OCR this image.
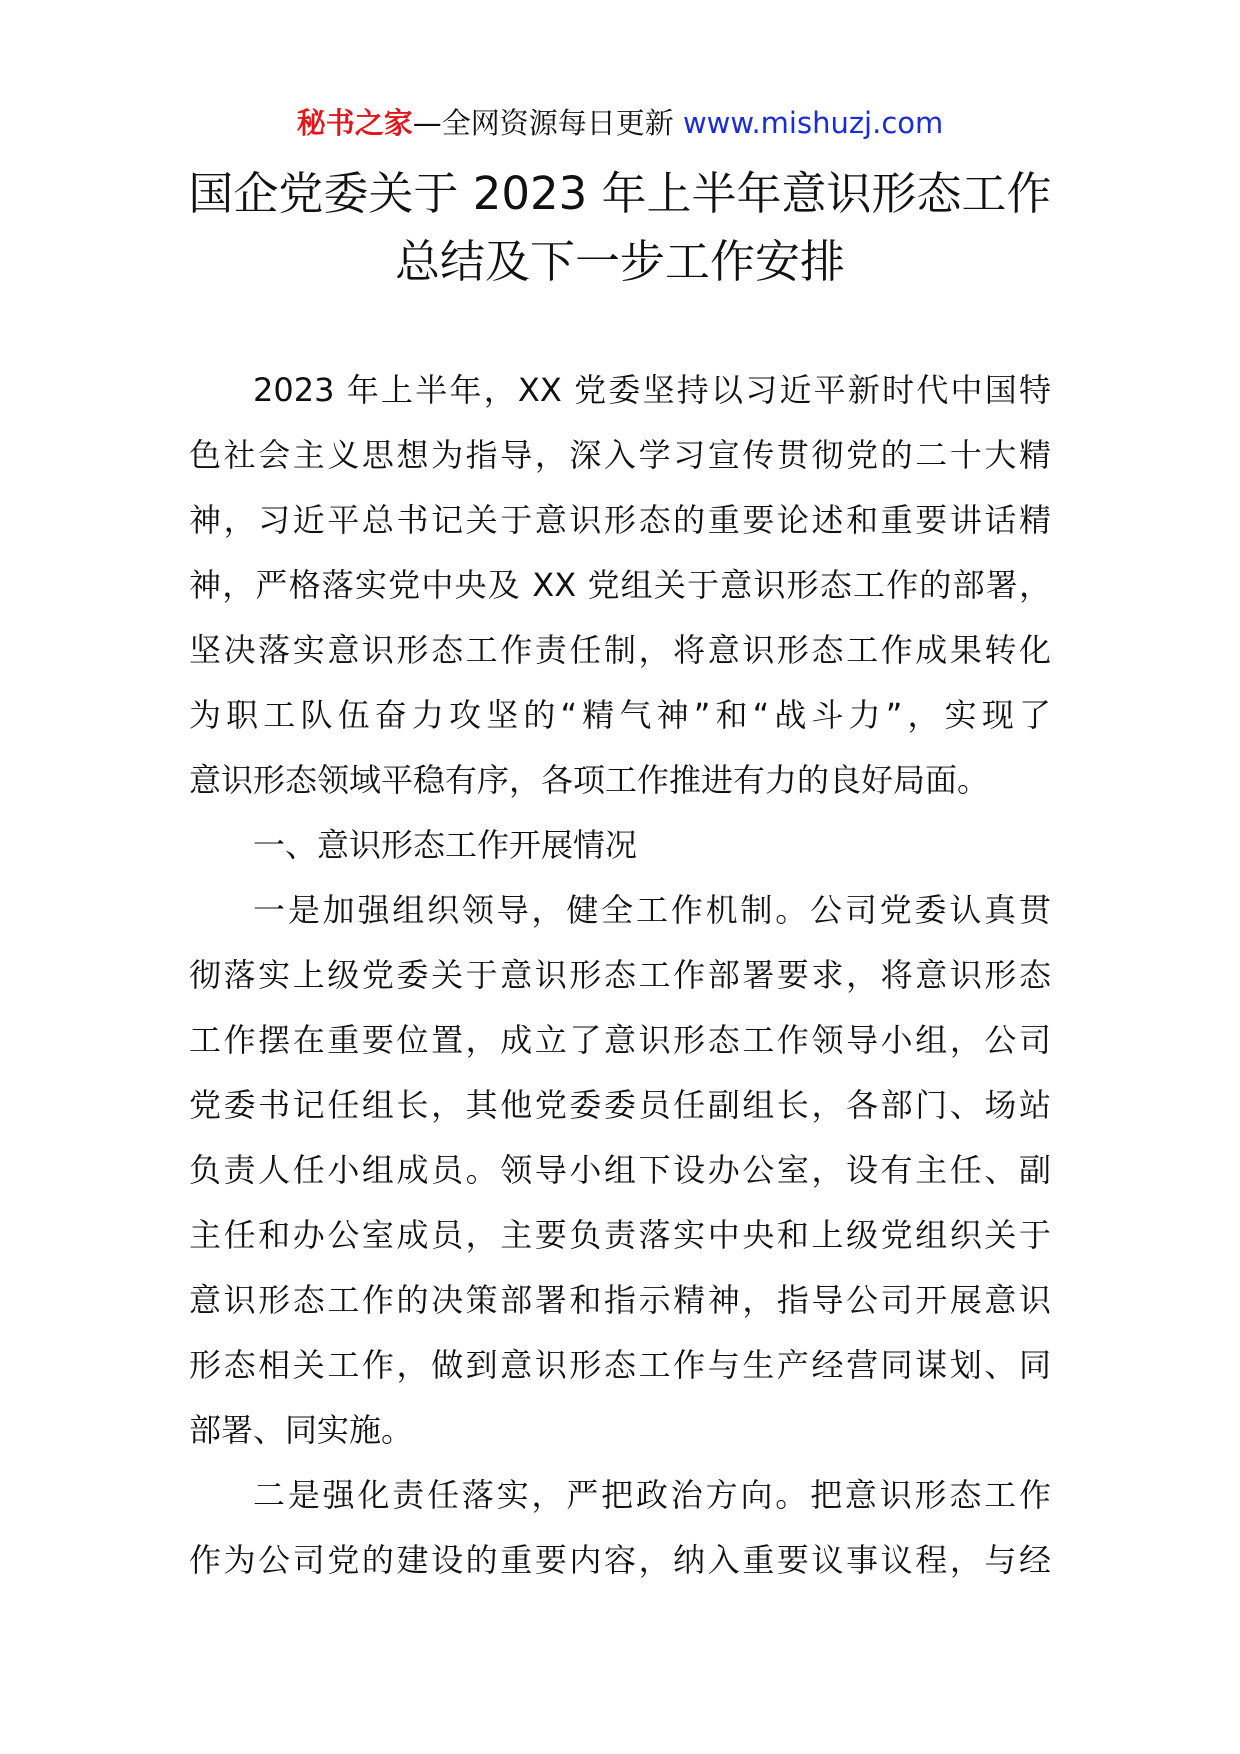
秘书之家—全网资源每日更新 www.mishuzj.com
国企党委关于 2023 年上半年意识形态工作
总结及下一步工作安排
2023 年上半年，XX 党委坚持以习近平新时代中国特
色社会主义思想为指导，深入学习宣传贯彻党的二十大精
神，习近平总书记关于意识形态的重要论述和重要讲话精
神，严格落实党中央及 XX 党组关于意识形态工作的部署，
坚决落实意识形态工作责任制，将意识形态工作成果转化
为职工队伍奋力攻坚的“精气神”和“战斗力”，实现了
意识形态领域平稳有序，各项工作推进有力的良好局面。
一、意识形态工作开展情况
一是加强组织领导，健全工作机制。公司党委认真贯
彻落实上级党委关于意识形态工作部署要求，将意识形态
工作摆在重要位置，成立了意识形态工作领导小组，公司
党委书记任组长，其他党委委员任副组长，各部门、场站
负责人任小组成员。领导小组下设办公室，设有主任、副
主任和办公室成员，主要负责落实中央和上级党组织关于
意识形态工作的决策部署和指示精神，指导公司开展意识
形态相关工作，做到意识形态工作与生产经营同谋划、同
部署、同实施。
二是强化责任落实，严把政治方向。把意识形态工作
作为公司党的建设的重要内容，纳入重要议事议程，与经
